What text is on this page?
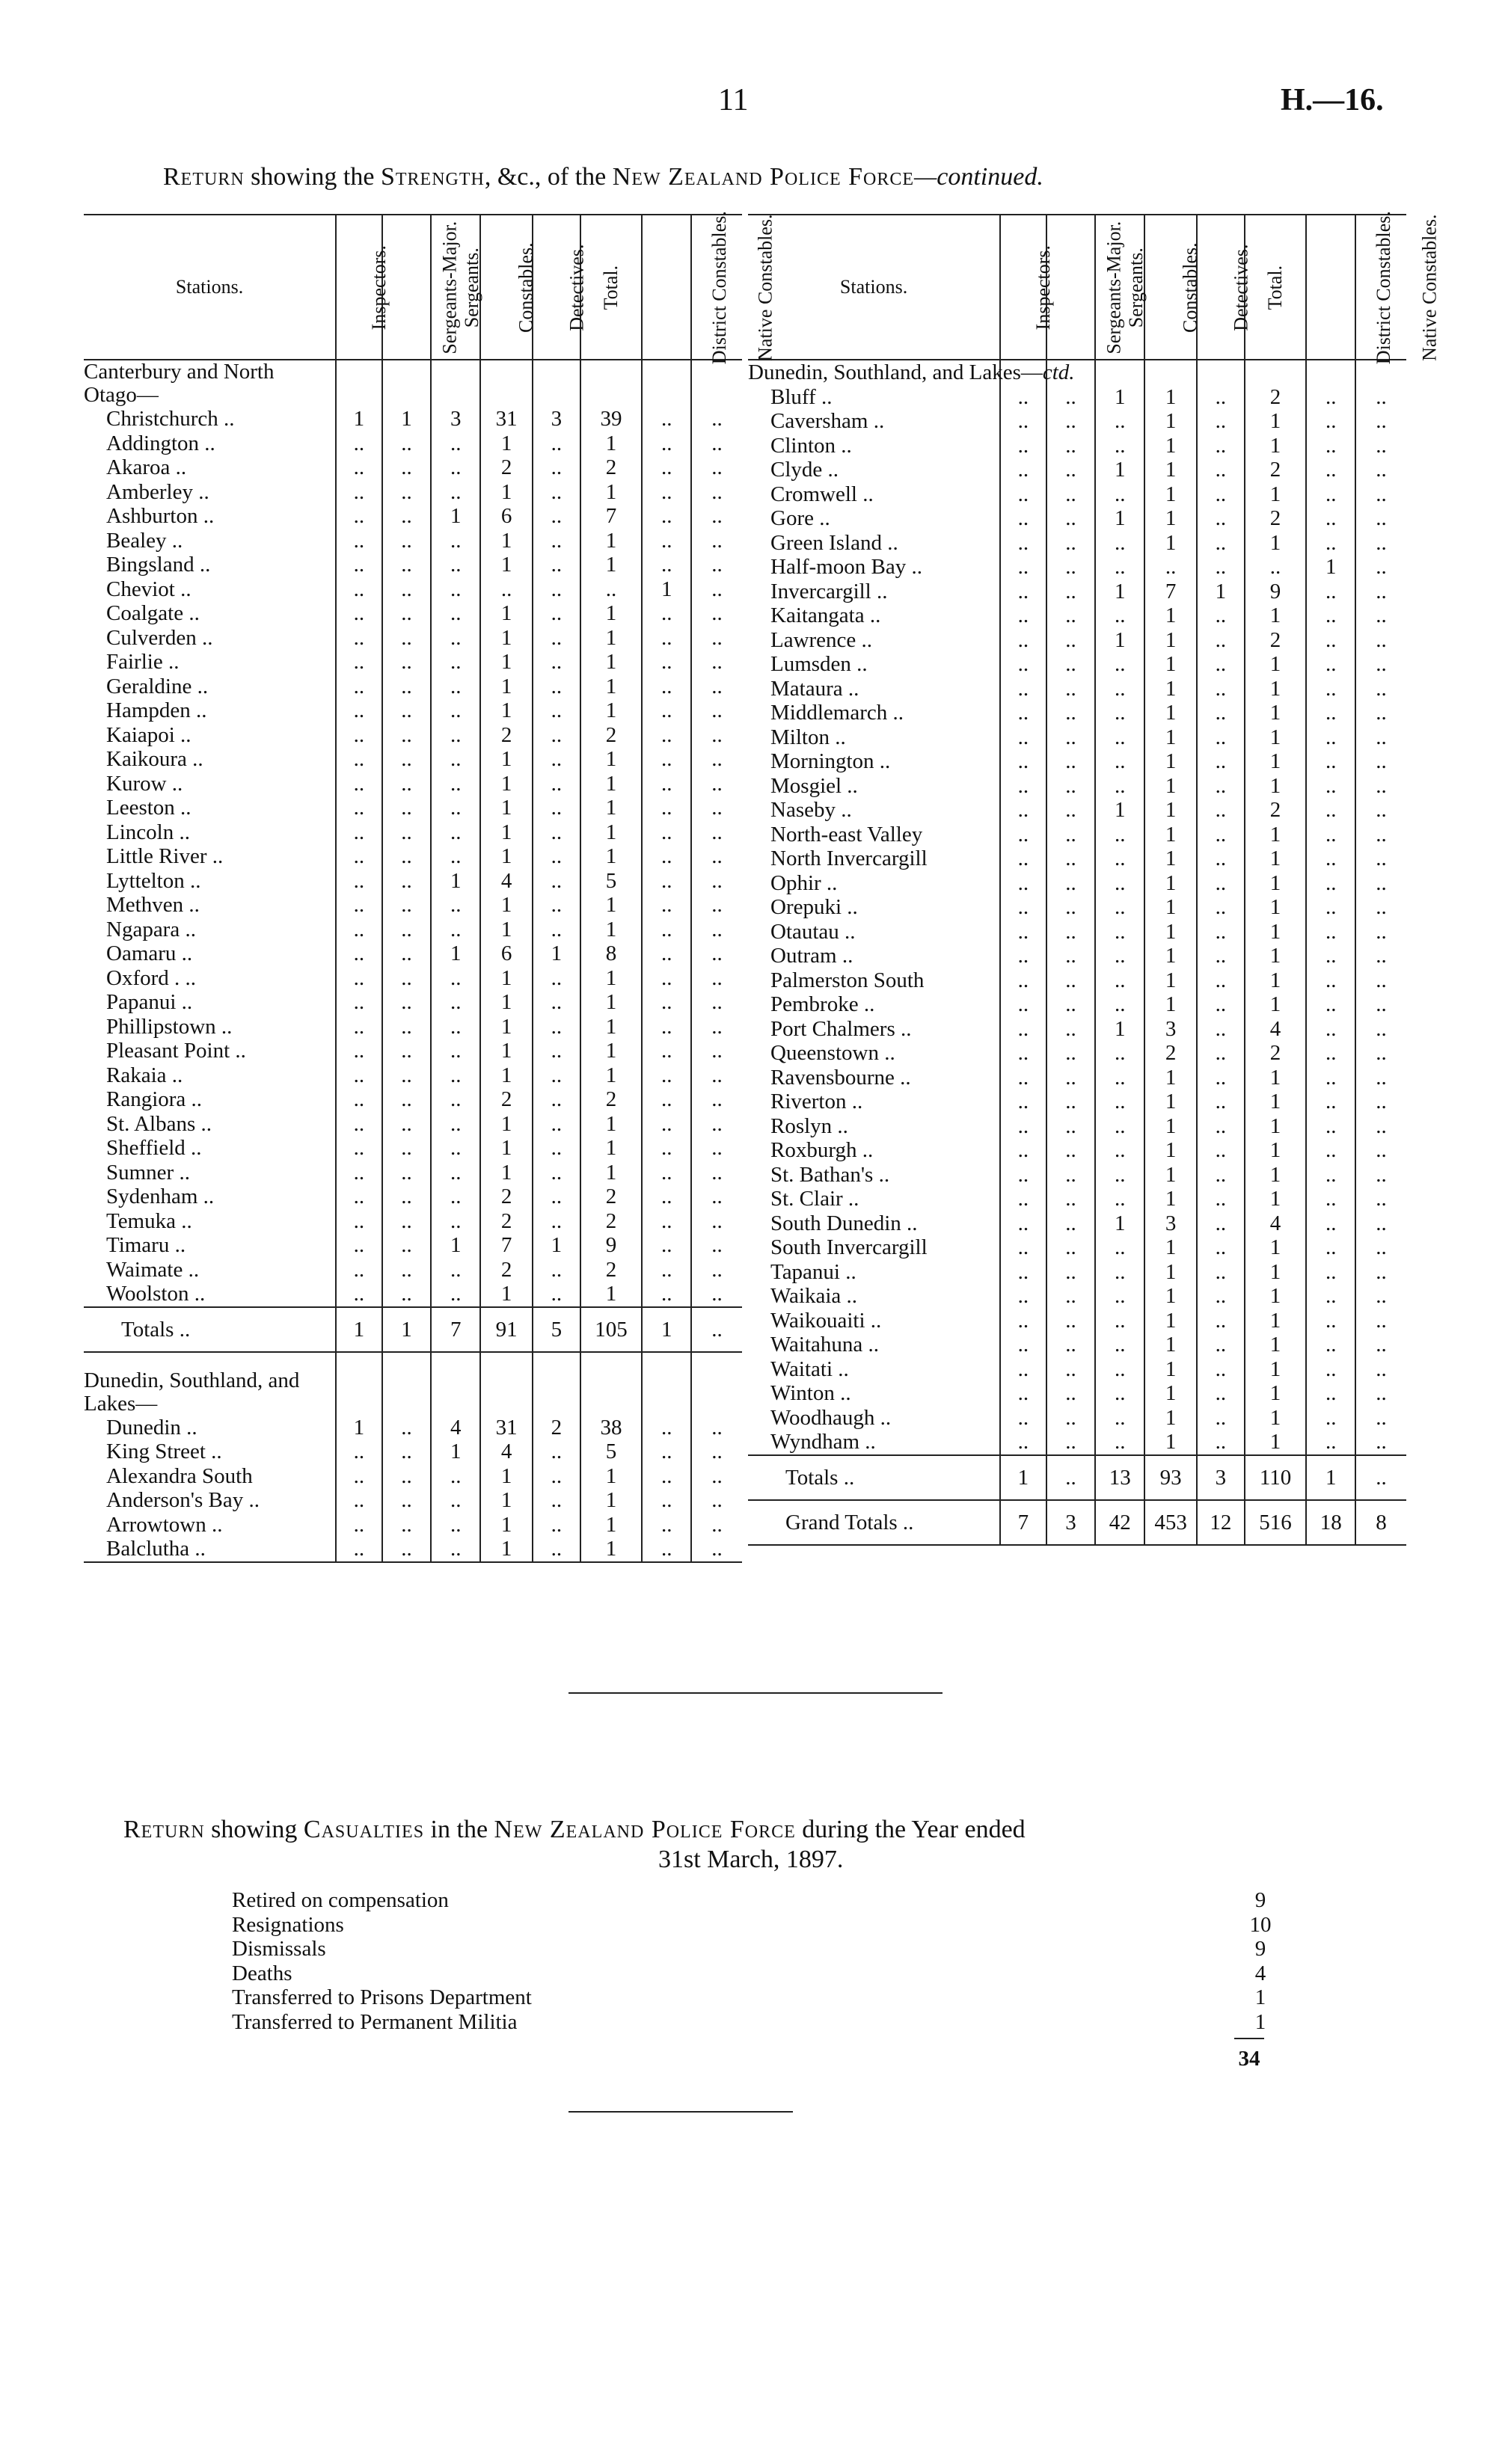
11	H.—16.
Return showing the Strength, &c., of the New Zealand Police Force—continued.
Stations.	Inspectors.	Sergeants-Major.	Sergeants.	Constables.	Detectives.	Total.	District Constables.	Native Constables.
Canterbury and North Otago—								
Christchurch ..	1	1	3	31	3	39	..	..
Addington ..	..	..	..	1	..	1	..	..
Akaroa ..	..	..	..	2	..	2	..	..
Amberley ..	..	..	..	1	..	1	..	..
Ashburton ..	..	..	1	6	..	7	..	..
Bealey ..	..	..	..	1	..	1	..	..
Bingsland ..	..	..	..	1	..	1	..	..
Cheviot ..	..	..	..	..	..	..	1	..
Coalgate ..	..	..	..	1	..	1	..	..
Culverden ..	..	..	..	1	..	1	..	..
Fairlie ..	..	..	..	1	..	1	..	..
Geraldine ..	..	..	..	1	..	1	..	..
Hampden ..	..	..	..	1	..	1	..	..
Kaiapoi ..	..	..	..	2	..	2	..	..
Kaikoura ..	..	..	..	1	..	1	..	..
Kurow ..	..	..	..	1	..	1	..	..
Leeston ..	..	..	..	1	..	1	..	..
Lincoln ..	..	..	..	1	..	1	..	..
Little River ..	..	..	..	1	..	1	..	..
Lyttelton ..	..	..	1	4	..	5	..	..
Methven ..	..	..	..	1	..	1	..	..
Ngapara ..	..	..	..	1	..	1	..	..
Oamaru ..	..	..	1	6	1	8	..	..
Oxford . ..	..	..	..	1	..	1	..	..
Papanui ..	..	..	..	1	..	1	..	..
Phillipstown ..	..	..	..	1	..	1	..	..
Pleasant Point ..	..	..	..	1	..	1	..	..
Rakaia ..	..	..	..	1	..	1	..	..
Rangiora ..	..	..	..	2	..	2	..	..
St. Albans ..	..	..	..	1	..	1	..	..
Sheffield ..	..	..	..	1	..	1	..	..
Sumner ..	..	..	..	1	..	1	..	..
Sydenham ..	..	..	..	2	..	2	..	..
Temuka ..	..	..	..	2	..	2	..	..
Timaru ..	..	..	1	7	1	9	..	..
Waimate ..	..	..	..	2	..	2	..	..
Woolston ..	..	..	..	1	..	1	..	..
Totals ..	1	1	7	91	5	105	1	..

Dunedin, Southland, and Lakes—								
Dunedin ..	1	..	4	31	2	38	..	..
King Street ..	..	..	1	4	..	5	..	..
Alexandra South	..	..	..	1	..	1	..	..
Anderson's Bay ..	..	..	..	1	..	1	..	..
Arrowtown ..	..	..	..	1	..	1	..	..
Balclutha ..	..	..	..	1	..	1	..	..
Stations.	Inspectors.	Sergeants-Major.	Sergeants.	Constables.	Detectives.	Total.	District Constables.	Native Constables.
Dunedin, Southland, and Lakes—ctd.								
Bluff ..	..	..	1	1	..	2	..	..
Caversham ..	..	..	..	1	..	1	..	..
Clinton ..	..	..	..	1	..	1	..	..
Clyde ..	..	..	1	1	..	2	..	..
Cromwell ..	..	..	..	1	..	1	..	..
Gore ..	..	..	1	1	..	2	..	..
Green Island ..	..	..	..	1	..	1	..	..
Half-moon Bay ..	..	..	..	..	..	..	1	..
Invercargill ..	..	..	1	7	1	9	..	..
Kaitangata ..	..	..	..	1	..	1	..	..
Lawrence ..	..	..	1	1	..	2	..	..
Lumsden ..	..	..	..	1	..	1	..	..
Mataura ..	..	..	..	1	..	1	..	..
Middlemarch ..	..	..	..	1	..	1	..	..
Milton ..	..	..	..	1	..	1	..	..
Mornington ..	..	..	..	1	..	1	..	..
Mosgiel ..	..	..	..	1	..	1	..	..
Naseby ..	..	..	1	1	..	2	..	..
North-east Valley	..	..	..	1	..	1	..	..
North Invercargill	..	..	..	1	..	1	..	..
Ophir ..	..	..	..	1	..	1	..	..
Orepuki ..	..	..	..	1	..	1	..	..
Otautau ..	..	..	..	1	..	1	..	..
Outram ..	..	..	..	1	..	1	..	..
Palmerston South	..	..	..	1	..	1	..	..
Pembroke ..	..	..	..	1	..	1	..	..
Port Chalmers ..	..	..	1	3	..	4	..	..
Queenstown ..	..	..	..	2	..	2	..	..
Ravensbourne ..	..	..	..	1	..	1	..	..
Riverton ..	..	..	..	1	..	1	..	..
Roslyn ..	..	..	..	1	..	1	..	..
Roxburgh ..	..	..	..	1	..	1	..	..
St. Bathan's ..	..	..	..	1	..	1	..	..
St. Clair ..	..	..	..	1	..	1	..	..
South Dunedin ..	..	..	1	3	..	4	..	..
South Invercargill	..	..	..	1	..	1	..	..
Tapanui ..	..	..	..	1	..	1	..	..
Waikaia ..	..	..	..	1	..	1	..	..
Waikouaiti ..	..	..	..	1	..	1	..	..
Waitahuna ..	..	..	..	1	..	1	..	..
Waitati ..	..	..	..	1	..	1	..	..
Winton ..	..	..	..	1	..	1	..	..
Woodhaugh ..	..	..	..	1	..	1	..	..
Wyndham ..	..	..	..	1	..	1	..	..
Totals ..	1	..	13	93	3	110	1	..
Grand Totals ..	7	3	42	453	12	516	18	8
Return showing Casualties in the New Zealand Police Force during the Year ended
31st March, 1897.
Retired on compensation	9
Resignations	10
Dismissals	9
Deaths	4
Transferred to Prisons Department	1
Transferred to Permanent Militia	1
34
